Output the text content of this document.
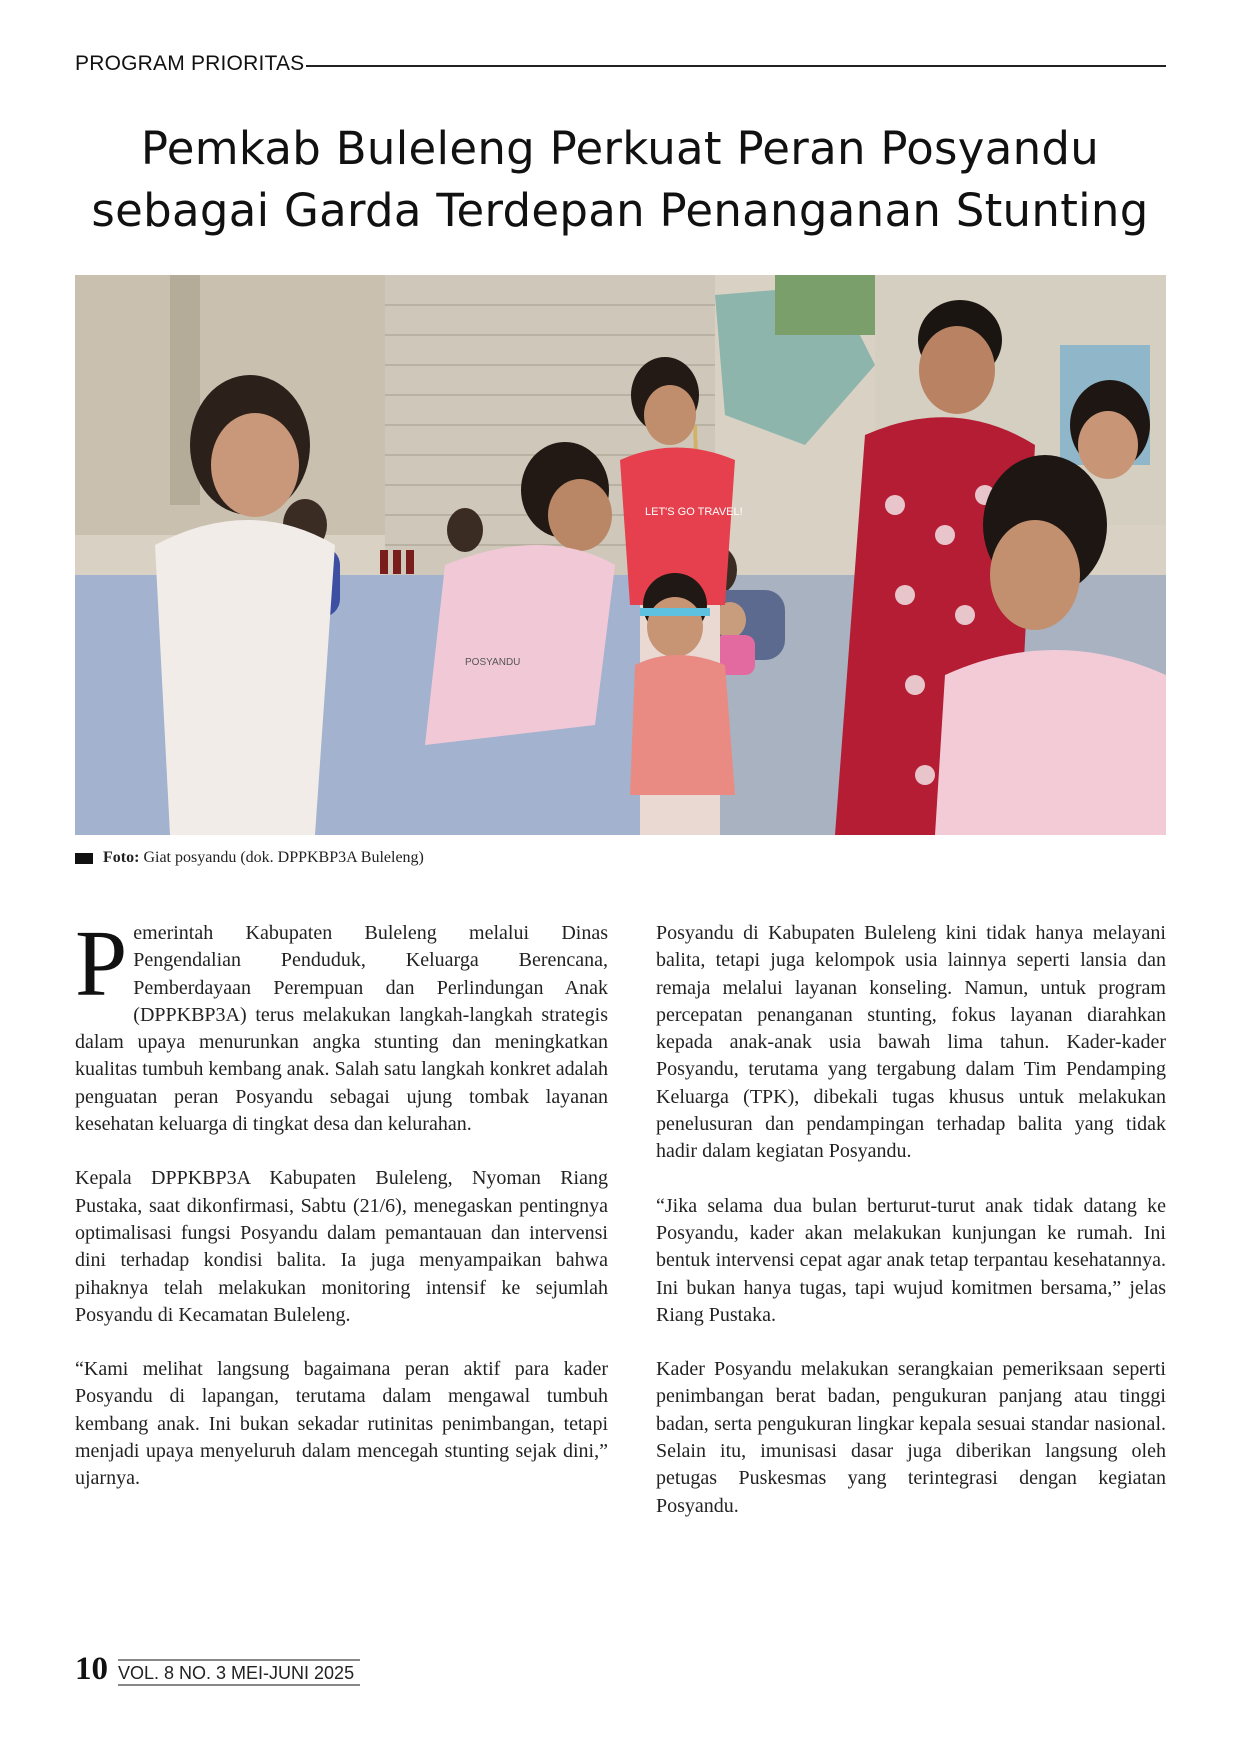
PROGRAM PRIORITAS
Pemkab Buleleng Perkuat Peran Posyandu
sebagai Garda Terdepan Penanganan Stunting
POSYANDU
LET'S GO TRAVEL!
Foto: Giat posyandu (dok. DPPKBP3A Buleleng)

Pemerintah Kabupaten Buleleng melalui Dinas Pengendalian Penduduk, Keluarga Berencana, Pemberdayaan Perempuan dan Perlindungan Anak (DPPKBP3A) terus melakukan langkah-langkah strategis dalam upaya menurunkan angka stunting dan meningkatkan kualitas tumbuh kembang anak. Salah satu langkah konkret adalah penguatan peran Posyandu sebagai ujung tombak layanan kesehatan keluarga di tingkat desa dan kelurahan.

Kepala DPPKBP3A Kabupaten Buleleng, Nyoman Riang Pustaka, saat dikonfirmasi, Sabtu (21/6), menegaskan pentingnya optimalisasi fungsi Posyandu dalam pemantauan dan intervensi dini terhadap kondisi balita. Ia juga menyampaikan bahwa pihaknya telah melakukan monitoring intensif ke sejumlah Posyandu di Kecamatan Buleleng.

“Kami melihat langsung bagaimana peran aktif para kader Posyandu di lapangan, terutama dalam mengawal tumbuh kembang anak. Ini bukan sekadar rutinitas penimbangan, tetapi menjadi upaya menyeluruh dalam mencegah stunting sejak dini,” ujarnya.

Posyandu di Kabupaten Buleleng kini tidak hanya melayani balita, tetapi juga kelompok usia lainnya seperti lansia dan remaja melalui layanan konseling. Namun, untuk program percepatan penanganan stunting, fokus layanan diarahkan kepada anak-anak usia bawah lima tahun. Kader-kader Posyandu, terutama yang tergabung dalam Tim Pendamping Keluarga (TPK), dibekali tugas khusus untuk melakukan penelusuran dan pendampingan terhadap balita yang tidak hadir dalam kegiatan Posyandu.

“Jika selama dua bulan berturut-turut anak tidak datang ke Posyandu, kader akan melakukan kunjungan ke rumah. Ini bentuk intervensi cepat agar anak tetap terpantau kesehatannya. Ini bukan hanya tugas, tapi wujud komitmen bersama,” jelas Riang Pustaka.

Kader Posyandu melakukan serangkaian pemeriksaan seperti penimbangan berat badan, pengukuran panjang atau tinggi badan, serta pengukuran lingkar kepala sesuai standar nasional. Selain itu, imunisasi dasar juga diberikan langsung oleh petugas Puskesmas yang terintegrasi dengan kegiatan Posyandu.

10 VOL. 8 NO. 3 MEI-JUNI 2025
